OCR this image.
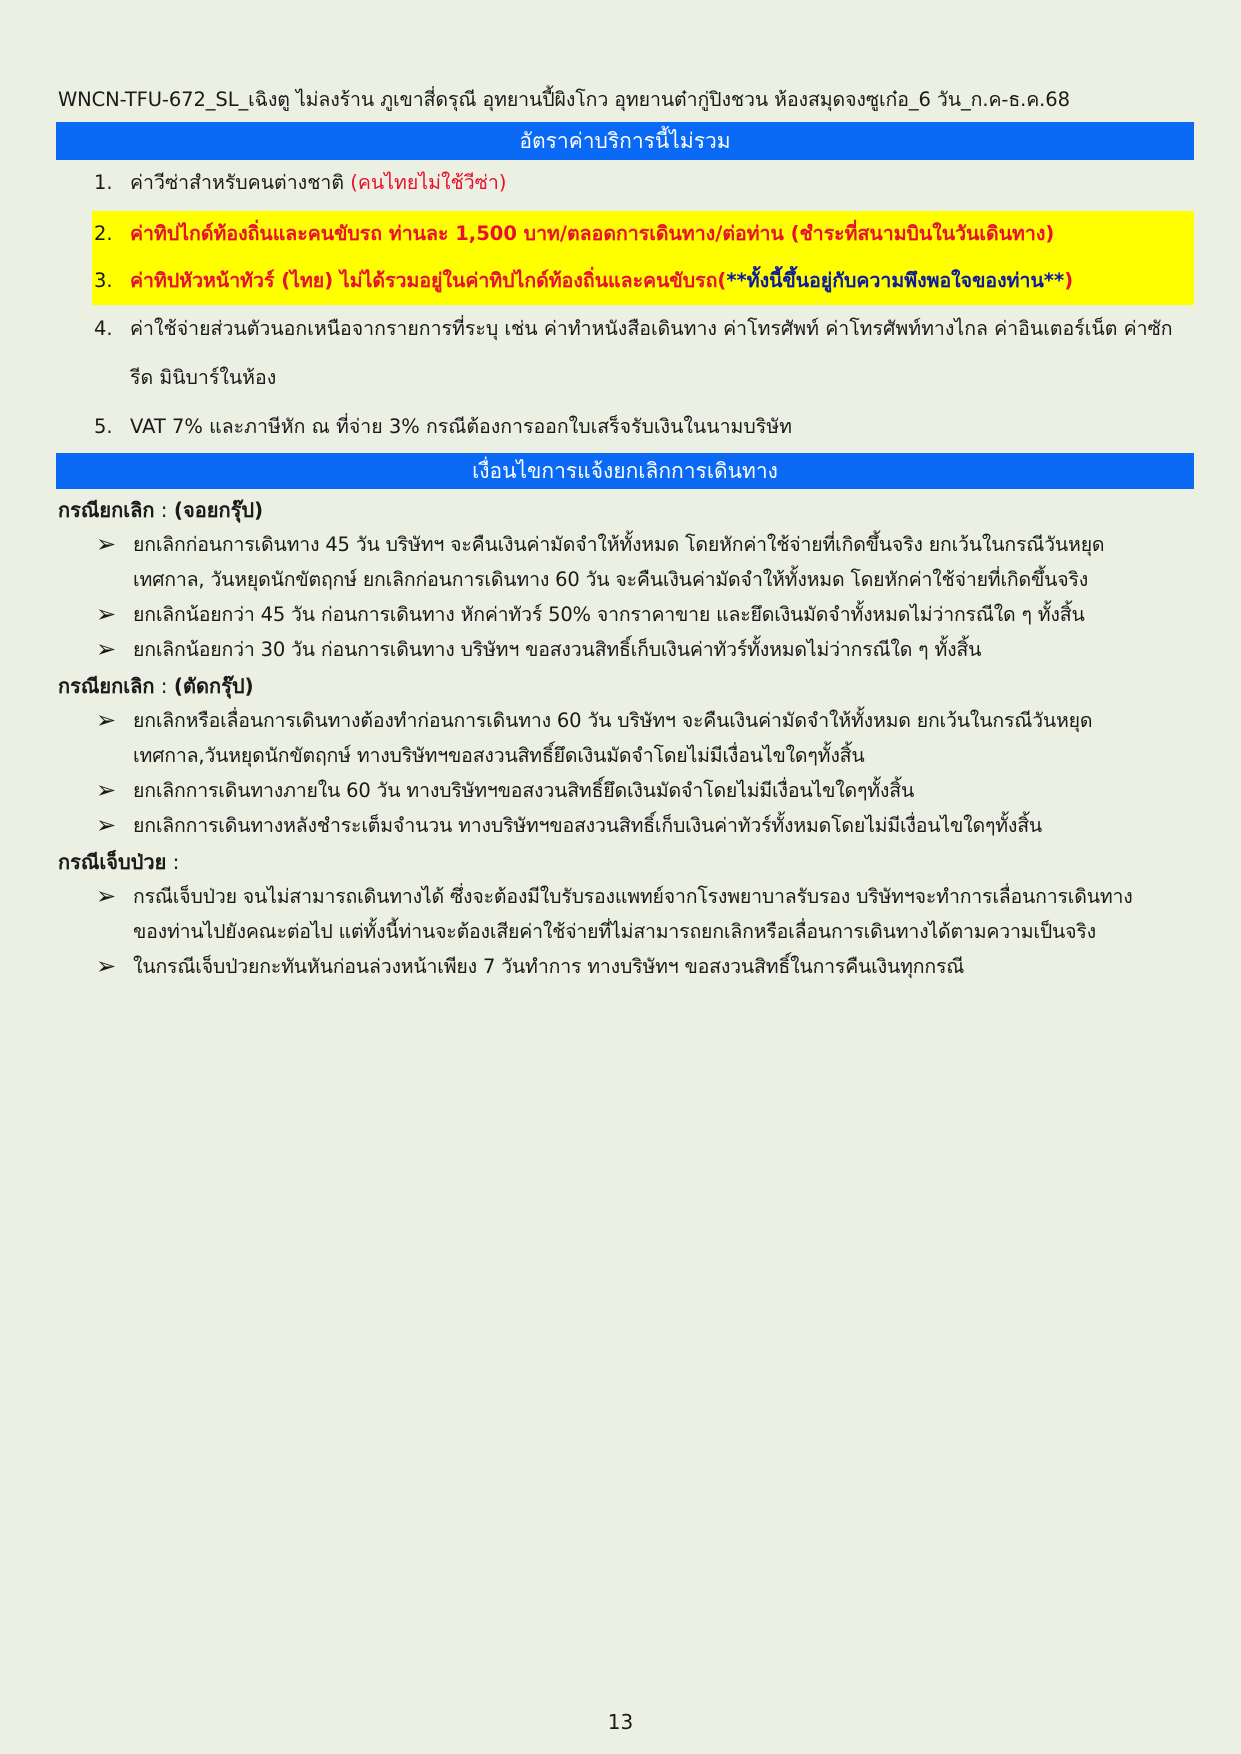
WNCN-TFU-672_SL_เฉิงตู ไม่ลงร้าน ภูเขาสี่ดรุณี อุทยานปี้ผิงโกว อุทยานต๋ากู่ปิงชวน ห้องสมุดจงซูเก๋อ_6 วัน_ก.ค-ธ.ค.68
อัตราค่าบริการนี้ไม่รวม
1. ค่าวีซ่าสำหรับคนต่างชาติ (คนไทยไม่ใช้วีซ่า)
2. ค่าทิปไกด์ท้องถิ่นและคนขับรถ ท่านละ 1,500 บาท/ตลอดการเดินทาง/ต่อท่าน (ชำระที่สนามบินในวันเดินทาง)
3. ค่าทิปหัวหน้าทัวร์ (ไทย) ไม่ได้รวมอยู่ในค่าทิปไกด์ท้องถิ่นและคนขับรถ(**ทั้งนี้ขึ้นอยู่กับความพึงพอใจของท่าน**)
4. ค่าใช้จ่ายส่วนตัวนอกเหนือจากรายการที่ระบุ เช่น ค่าทำหนังสือเดินทาง ค่าโทรศัพท์ ค่าโทรศัพท์ทางไกล ค่าอินเตอร์เน็ต ค่าซัก
รีด มินิบาร์ในห้อง
5. VAT 7% และภาษีหัก ณ ที่จ่าย 3% กรณีต้องการออกใบเสร็จรับเงินในนามบริษัท
เงื่อนไขการแจ้งยกเลิกการเดินทาง
กรณียกเลิก : (จอยกรุ๊ป)
➢ ยกเลิกก่อนการเดินทาง 45 วัน บริษัทฯ จะคืนเงินค่ามัดจำให้ทั้งหมด โดยหักค่าใช้จ่ายที่เกิดขึ้นจริง ยกเว้นในกรณีวันหยุด
เทศกาล, วันหยุดนักขัตฤกษ์ ยกเลิกก่อนการเดินทาง 60 วัน จะคืนเงินค่ามัดจำให้ทั้งหมด โดยหักค่าใช้จ่ายที่เกิดขึ้นจริง
➢ ยกเลิกน้อยกว่า 45 วัน ก่อนการเดินทาง หักค่าทัวร์ 50% จากราคาขาย และยึดเงินมัดจำทั้งหมดไม่ว่ากรณีใด ๆ ทั้งสิ้น
➢ ยกเลิกน้อยกว่า 30 วัน ก่อนการเดินทาง บริษัทฯ ขอสงวนสิทธิ์เก็บเงินค่าทัวร์ทั้งหมดไม่ว่ากรณีใด ๆ ทั้งสิ้น
กรณียกเลิก : (ตัดกรุ๊ป)
➢ ยกเลิกหรือเลื่อนการเดินทางต้องทำก่อนการเดินทาง 60 วัน บริษัทฯ จะคืนเงินค่ามัดจำให้ทั้งหมด ยกเว้นในกรณีวันหยุด
เทศกาล,วันหยุดนักขัตฤกษ์ ทางบริษัทฯขอสงวนสิทธิ์ยึดเงินมัดจำโดยไม่มีเงื่อนไขใดๆทั้งสิ้น
➢ ยกเลิกการเดินทางภายใน 60 วัน ทางบริษัทฯขอสงวนสิทธิ์ยึดเงินมัดจำโดยไม่มีเงื่อนไขใดๆทั้งสิ้น
➢ ยกเลิกการเดินทางหลังชำระเต็มจำนวน ทางบริษัทฯขอสงวนสิทธิ์เก็บเงินค่าทัวร์ทั้งหมดโดยไม่มีเงื่อนไขใดๆทั้งสิ้น
กรณีเจ็บป่วย :
➢ กรณีเจ็บป่วย จนไม่สามารถเดินทางได้ ซึ่งจะต้องมีใบรับรองแพทย์จากโรงพยาบาลรับรอง บริษัทฯจะทำการเลื่อนการเดินทาง
ของท่านไปยังคณะต่อไป แต่ทั้งนี้ท่านจะต้องเสียค่าใช้จ่ายที่ไม่สามารถยกเลิกหรือเลื่อนการเดินทางได้ตามความเป็นจริง
➢ ในกรณีเจ็บป่วยกะทันหันก่อนล่วงหน้าเพียง 7 วันทำการ ทางบริษัทฯ ขอสงวนสิทธิ์ในการคืนเงินทุกกรณี
13
